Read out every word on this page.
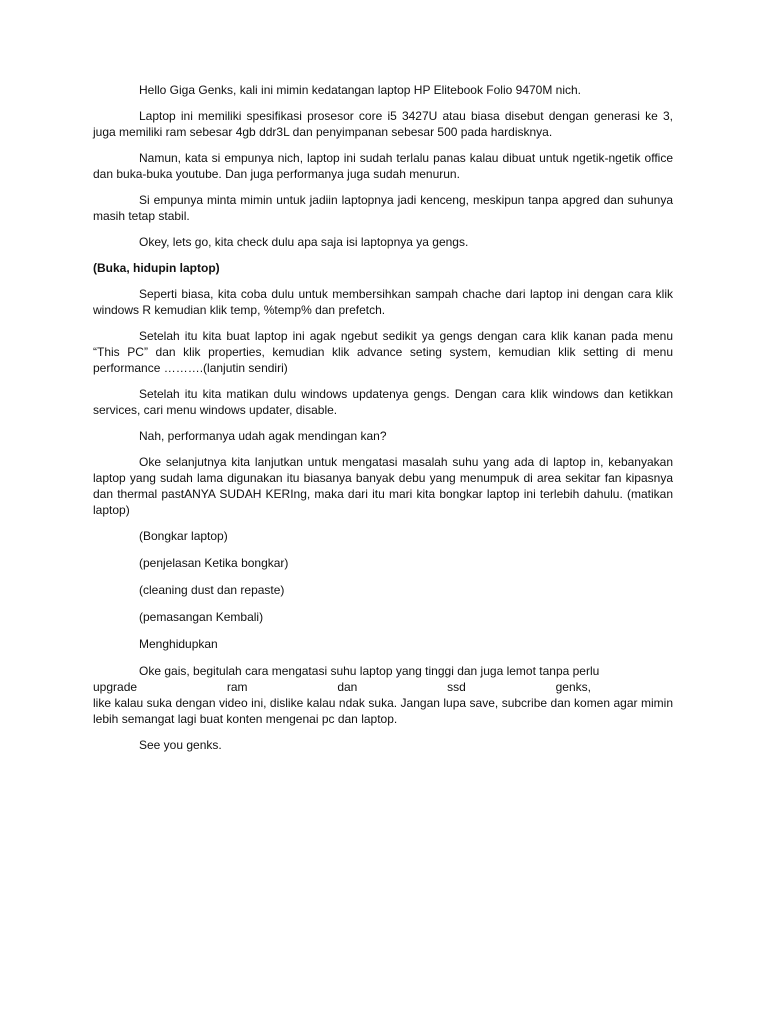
Hello Giga Genks, kali ini mimin kedatangan laptop HP Elitebook Folio 9470M nich.

Laptop ini memiliki spesifikasi prosesor core i5 3427U atau biasa disebut dengan generasi ke 3, juga memiliki ram sebesar 4gb ddr3L dan penyimpanan sebesar 500 pada hardisknya.

Namun, kata si empunya nich, laptop ini sudah terlalu panas kalau dibuat untuk ngetik-ngetik office dan buka-buka youtube. Dan juga performanya juga sudah menurun.

Si empunya minta mimin untuk jadiin laptopnya jadi kenceng, meskipun tanpa apgred dan suhunya masih tetap stabil.

Okey, lets go, kita check dulu apa saja isi laptopnya ya gengs.

(Buka, hidupin laptop)

Seperti biasa, kita coba dulu untuk membersihkan sampah chache dari laptop ini dengan cara klik windows R kemudian klik temp, %temp% dan prefetch.

Setelah itu kita buat laptop ini agak ngebut sedikit ya gengs dengan cara klik kanan pada menu “This PC” dan klik properties, kemudian klik advance seting system, kemudian klik setting di menu performance ……….(lanjutin sendiri)

Setelah itu kita matikan dulu windows updatenya gengs. Dengan cara klik windows dan ketikkan services, cari menu windows updater, disable.

Nah, performanya udah agak mendingan kan?

Oke selanjutnya kita lanjutkan untuk mengatasi masalah suhu yang ada di laptop in, kebanyakan laptop yang sudah lama digunakan itu biasanya banyak debu yang menumpuk di area sekitar fan kipasnya dan thermal pastANYA SUDAH KERIng, maka dari itu mari kita bongkar laptop ini terlebih dahulu. (matikan laptop)

(Bongkar laptop)

(penjelasan Ketika bongkar)

(cleaning dust dan repaste)

(pemasangan Kembali)

Menghidupkan

Oke gais, begitulah cara mengatasi suhu laptop yang tinggi dan juga lemot tanpa perlu
upgrade	ram	dan	ssd	genks,
like kalau suka dengan video ini, dislike kalau ndak suka. Jangan lupa save, subcribe dan komen agar mimin lebih semangat lagi buat konten mengenai pc dan laptop.

See you genks.
